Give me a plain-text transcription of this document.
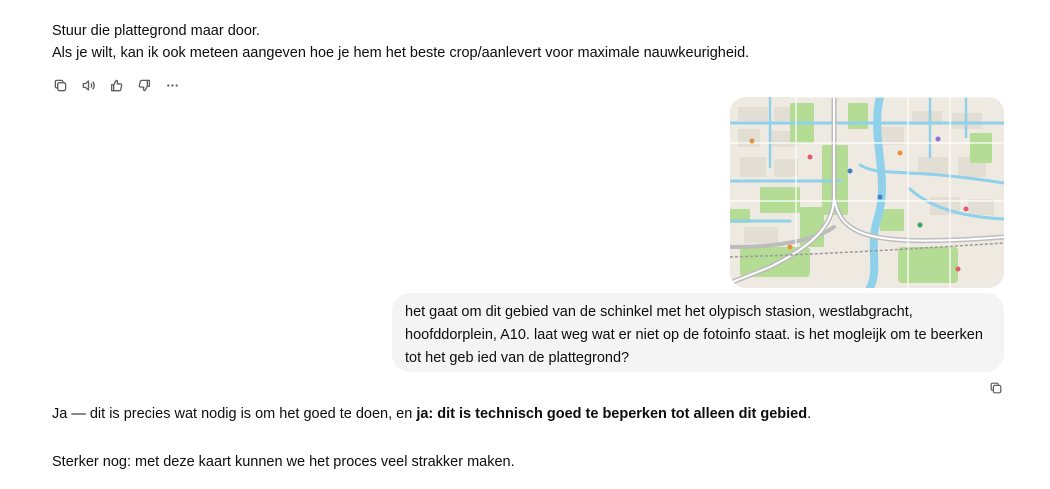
Stuur die plattegrond maar door.

Als je wilt, kan ik ook meteen aangeven hoe je hem het beste crop/aanlevert voor maximale nauwkeurigheid.

het gaat om dit gebied van de schinkel met het olypisch stasion, westlabgracht,

hoofddorplein, A10. laat weg wat er niet op de fotoinfo staat. is het mogleijk om te beerken

tot het geb ied van de plattegrond?

Ja — dit is precies wat nodig is om het goed te doen, en ja: dit is technisch goed te beperken tot alleen dit gebied.

Sterker nog: met deze kaart kunnen we het proces veel strakker maken.
